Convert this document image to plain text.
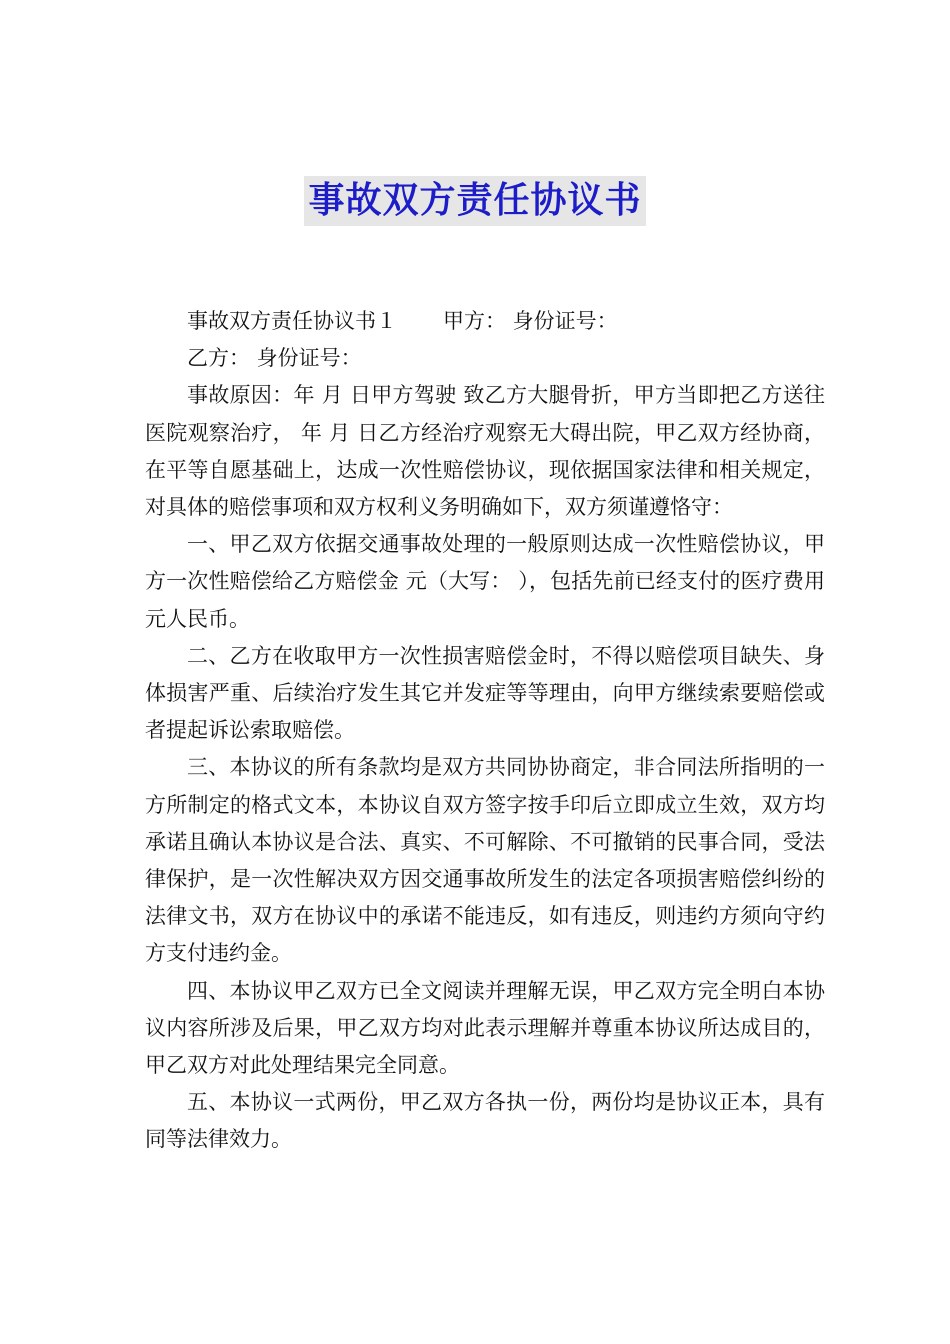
事故双方责任协议书

事故双方责任协议书１ 甲方： 身份证号：

乙方： 身份证号：

事故原因：年 月 日甲方驾驶 致乙方大腿骨折，甲方当即把乙方送往医院观察治疗， 年 月 日乙方经治疗观察无大碍出院，甲乙双方经协商，在平等自愿基础上，达成一次性赔偿协议，现依据国家法律和相关规定，对具体的赔偿事项和双方权利义务明确如下，双方须谨遵恪守：

一、甲乙双方依据交通事故处理的一般原则达成一次性赔偿协议，甲方一次性赔偿给乙方赔偿金 元（大写： ），包括先前已经支付的医疗费用 元人民币。

二、乙方在收取甲方一次性损害赔偿金时，不得以赔偿项目缺失、身体损害严重、后续治疗发生其它并发症等等理由，向甲方继续索要赔偿或者提起诉讼索取赔偿。

三、本协议的所有条款均是双方共同协协商定，非合同法所指明的一方所制定的格式文本，本协议自双方签字按手印后立即成立生效，双方均承诺且确认本协议是合法、真实、不可解除、不可撤销的民事合同，受法律保护，是一次性解决双方因交通事故所发生的法定各项损害赔偿纠纷的法律文书，双方在协议中的承诺不能违反，如有违反，则违约方须向守约方支付违约金。

四、本协议甲乙双方已全文阅读并理解无误，甲乙双方完全明白本协议内容所涉及后果，甲乙双方均对此表示理解并尊重本协议所达成目的，甲乙双方对此处理结果完全同意。

五、本协议一式两份，甲乙双方各执一份，两份均是协议正本，具有同等法律效力。
